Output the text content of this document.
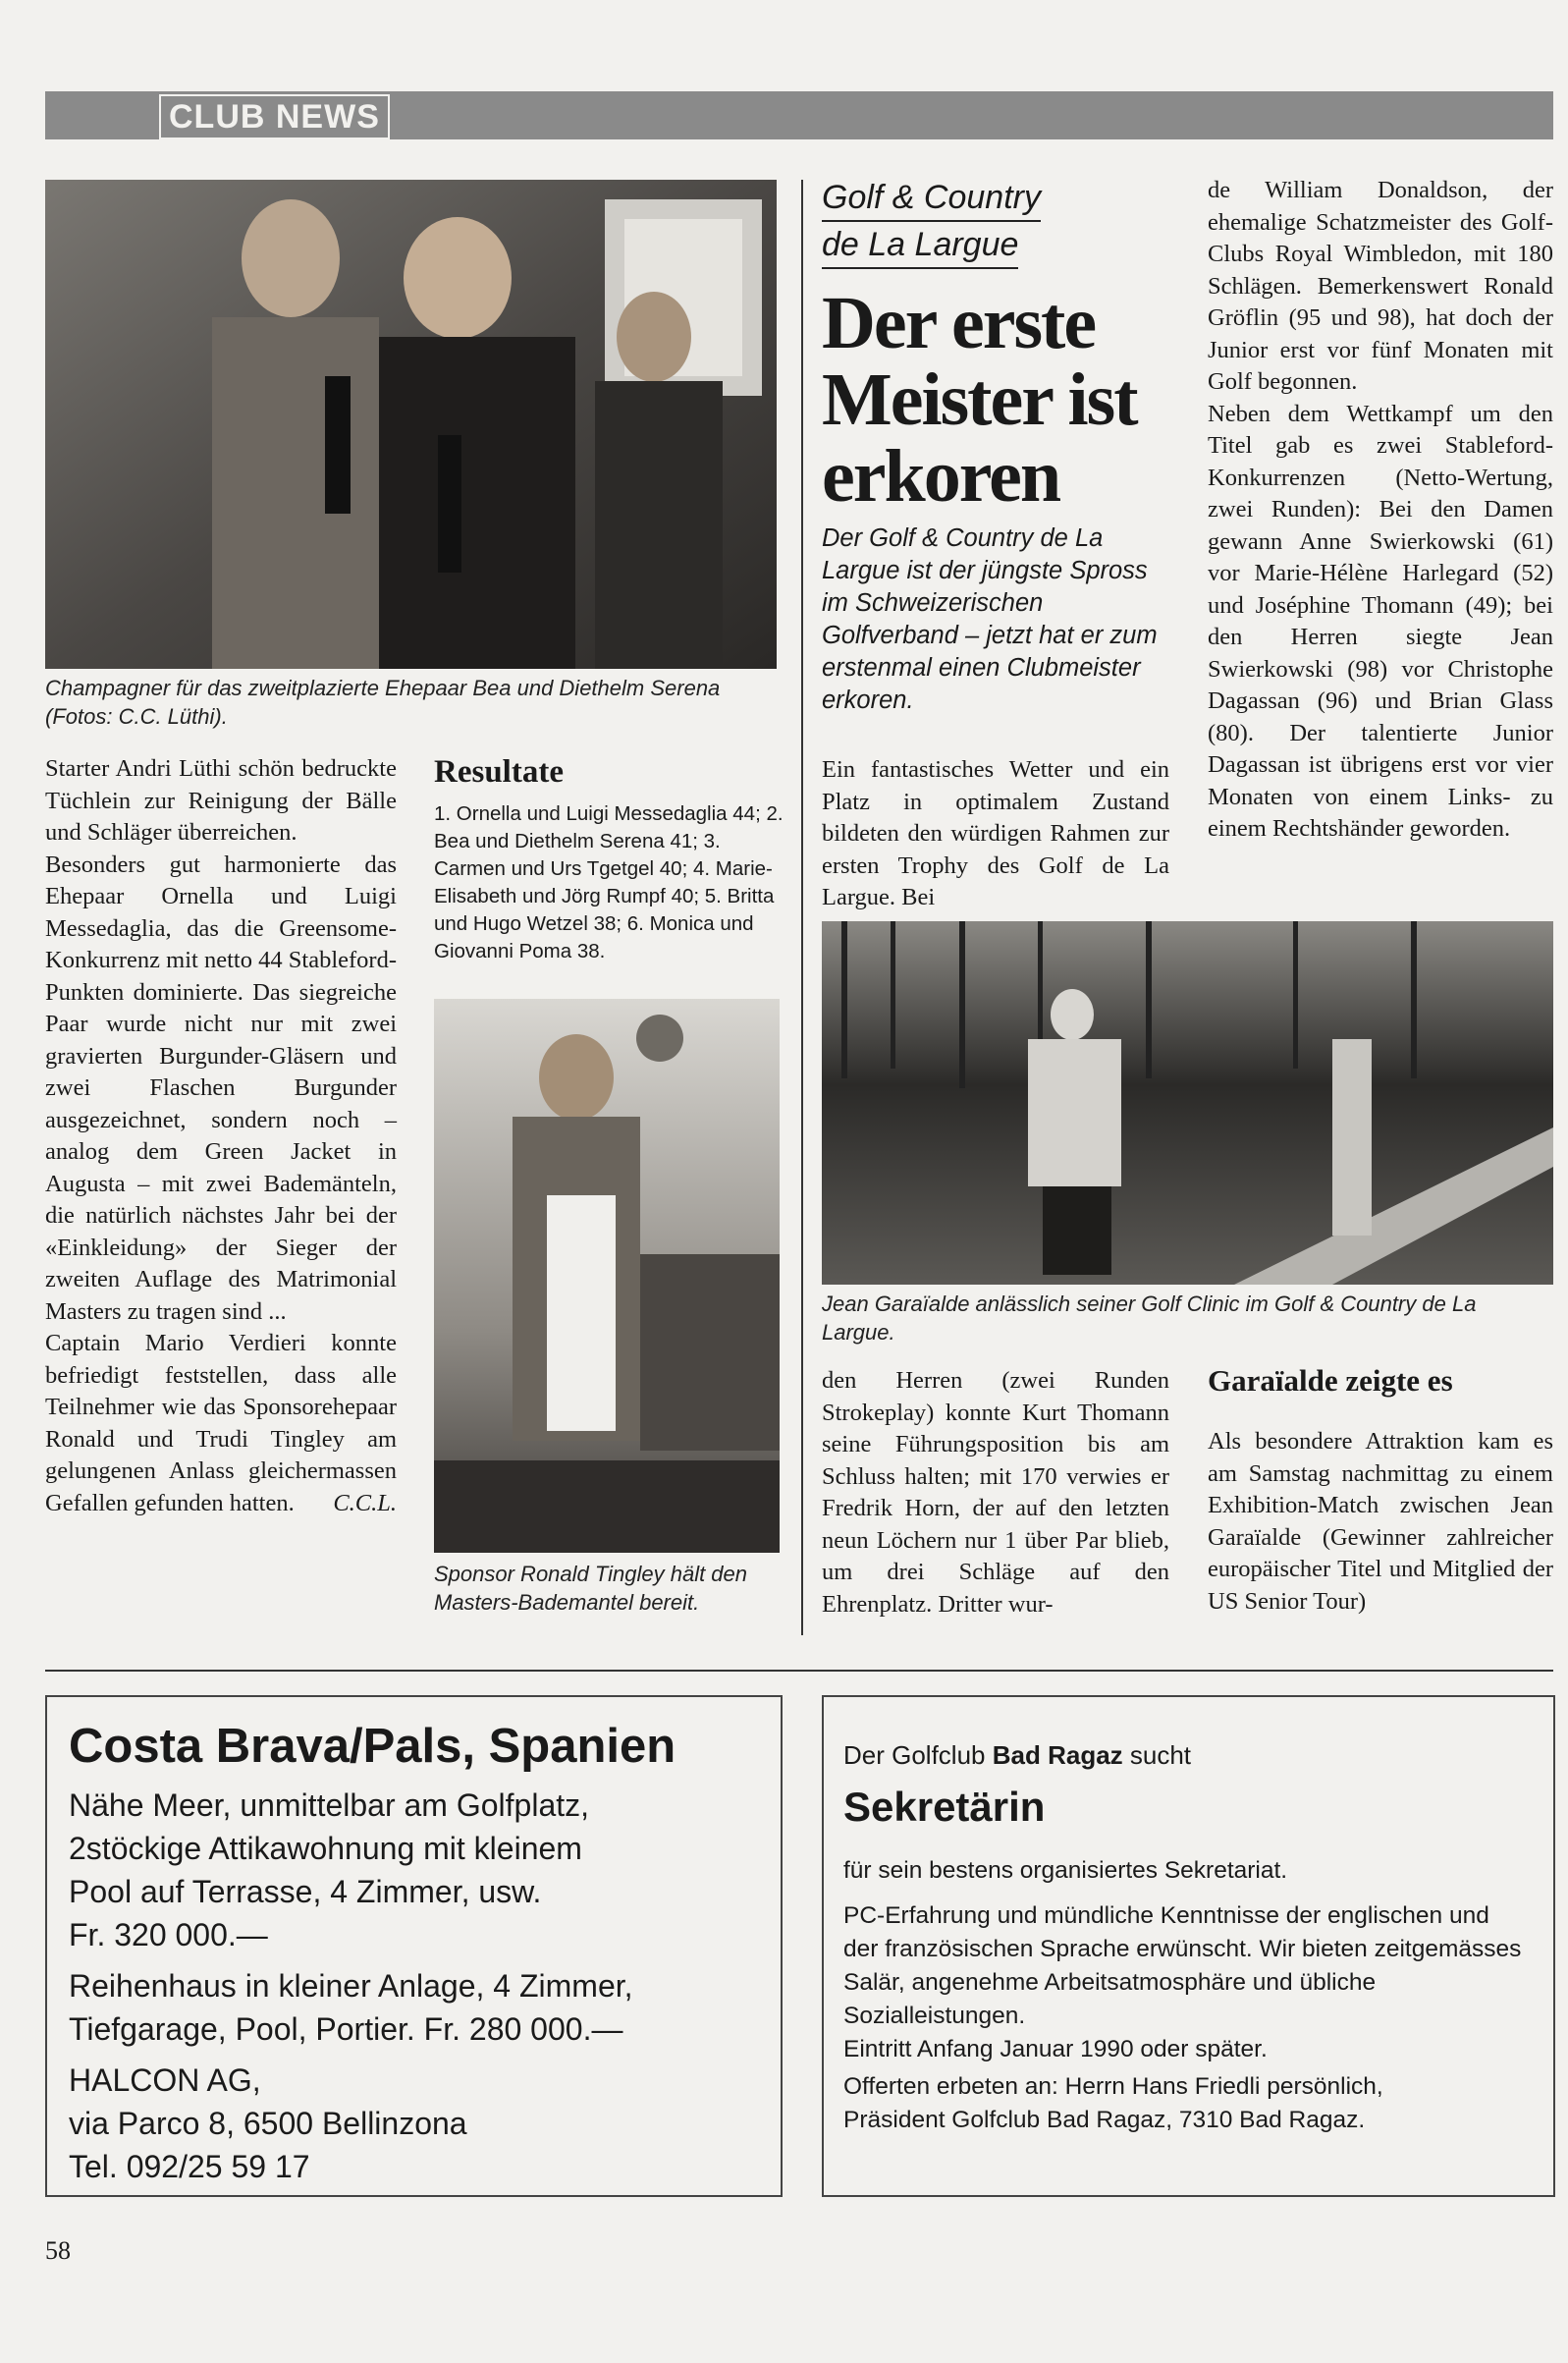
CLUB NEWS
Champagner für das zweitplazierte Ehepaar Bea und Diethelm Serena (Fotos: C.C. Lüthi).

Starter Andri Lüthi schön bedruckte Tüchlein zur Reinigung der Bälle und Schläger überreichen.

Besonders gut harmonierte das Ehepaar Ornella und Luigi Messedaglia, das die Greensome-Konkurrenz mit netto 44 Stableford-Punkten dominierte. Das siegreiche Paar wurde nicht nur mit zwei gravierten Burgunder-Gläsern und zwei Flaschen Burgunder ausgezeichnet, sondern noch – analog dem Green Jacket in Augusta – mit zwei Bademänteln, die natürlich nächstes Jahr bei der «Einkleidung» der Sieger der zweiten Auflage des Matrimonial Masters zu tragen sind ...

Captain Mario Verdieri konnte befriedigt feststellen, dass alle Teilnehmer wie das Sponsorehepaar Ronald und Trudi Tingley am gelungenen Anlass gleichermassen Gefallen gefunden hatten. C.C.L.

Resultate
1. Ornella und Luigi Messedaglia 44; 2. Bea und Diethelm Serena 41; 3. Carmen und Urs Tgetgel 40; 4. Marie-Elisabeth und Jörg Rumpf 40; 5. Britta und Hugo Wetzel 38; 6. Monica und Giovanni Poma 38.
Sponsor Ronald Tingley hält den Masters-Bademantel bereit.
Golf & Country
de La Largue
Der erste Meister ist erkoren
Der Golf & Country de La Largue ist der jüngste Spross im Schweizerischen Golfverband – jetzt hat er zum erstenmal einen Clubmeister erkoren.
Ein fantastisches Wetter und ein Platz in optimalem Zustand bildeten den würdigen Rahmen zur ersten Trophy des Golf de La Largue. Bei

de William Donaldson, der ehemalige Schatzmeister des Golf-Clubs Royal Wimbledon, mit 180 Schlägen. Bemerkenswert Ronald Gröflin (95 und 98), hat doch der Junior erst vor fünf Monaten mit Golf begonnen.

Neben dem Wettkampf um den Titel gab es zwei Stableford-Konkurrenzen (Netto-Wertung, zwei Runden): Bei den Damen gewann Anne Swierkowski (61) vor Marie-Hélène Harlegard (52) und Joséphine Thomann (49); bei den Herren siegte Jean Swierkowski (98) vor Christophe Dagassan (96) und Brian Glass (80). Der talentierte Junior Dagassan ist übrigens erst vor vier Monaten von einem Links- zu einem Rechtshänder geworden.

Jean Garaïalde anlässlich seiner Golf Clinic im Golf & Country de La Largue.
den Herren (zwei Runden Strokeplay) konnte Kurt Thomann seine Führungsposition bis am Schluss halten; mit 170 verwies er Fredrik Horn, der auf den letzten neun Löchern nur 1 über Par blieb, um drei Schläge auf den Ehrenplatz. Dritter wur-
Garaïalde zeigte es
Als besondere Attraktion kam es am Samstag nachmittag zu einem Exhibition-Match zwischen Jean Garaïalde (Gewinner zahlreicher europäischer Titel und Mitglied der US Senior Tour)
Costa Brava/Pals, Spanien
Nähe Meer, unmittelbar am Golfplatz,
2stöckige Attikawohnung mit kleinem
Pool auf Terrasse, 4 Zimmer, usw.
Fr. 320 000.—
Reihenhaus in kleiner Anlage, 4 Zimmer,
Tiefgarage, Pool, Portier. Fr. 280 000.—
HALCON AG,
via Parco 8, 6500 Bellinzona
Tel. 092/25 59 17
Der Golfclub Bad Ragaz sucht
Sekretärin
für sein bestens organisiertes Sekretariat.
PC-Erfahrung und mündliche Kenntnisse der englischen und der französischen Sprache erwünscht. Wir bieten zeitgemässes Salär, angenehme Arbeitsatmosphäre und übliche Sozialleistungen.
Eintritt Anfang Januar 1990 oder später.
Offerten erbeten an: Herrn Hans Friedli persönlich,
Präsident Golfclub Bad Ragaz, 7310 Bad Ragaz.
58
